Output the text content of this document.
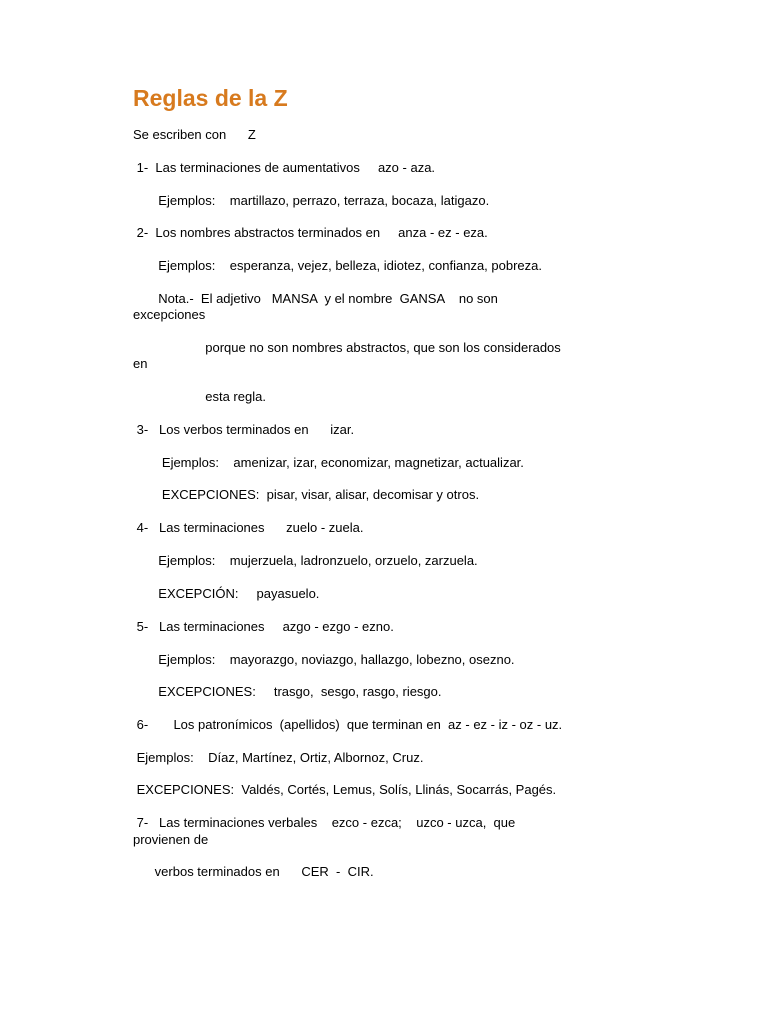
Reglas de la Z
Se escriben con      Z
1-  Las terminaciones de aumentativos     azo - aza.
Ejemplos:    martillazo, perrazo, terraza, bocaza, latigazo.
2-  Los nombres abstractos terminados en     anza - ez - eza.
Ejemplos:    esperanza, vejez, belleza, idiotez, confianza, pobreza.
Nota.-  El adjetivo   MANSA  y el nombre  GANSA    no son
excepciones
porque no son nombres abstractos, que son los considerados
en
esta regla.
3-   Los verbos terminados en      izar.
Ejemplos:    amenizar, izar, economizar, magnetizar, actualizar.
EXCEPCIONES:  pisar, visar, alisar, decomisar y otros.
4-   Las terminaciones      zuelo - zuela.
Ejemplos:    mujerzuela, ladronzuelo, orzuelo, zarzuela.
EXCEPCIÓN:     payasuelo.
5-   Las terminaciones     azgo - ezgo - ezno.
Ejemplos:    mayorazgo, noviazgo, hallazgo, lobezno, osezno.
EXCEPCIONES:     trasgo,  sesgo, rasgo, riesgo.
6-       Los patronímicos  (apellidos)  que terminan en  az - ez - iz - oz - uz.
Ejemplos:    Díaz, Martínez, Ortiz, Albornoz, Cruz.
EXCEPCIONES:  Valdés, Cortés, Lemus, Solís, Llinás, Socarrás, Pagés.
7-   Las terminaciones verbales    ezco - ezca;    uzco - uzca,  que
provienen de
verbos terminados en      CER  -  CIR.
